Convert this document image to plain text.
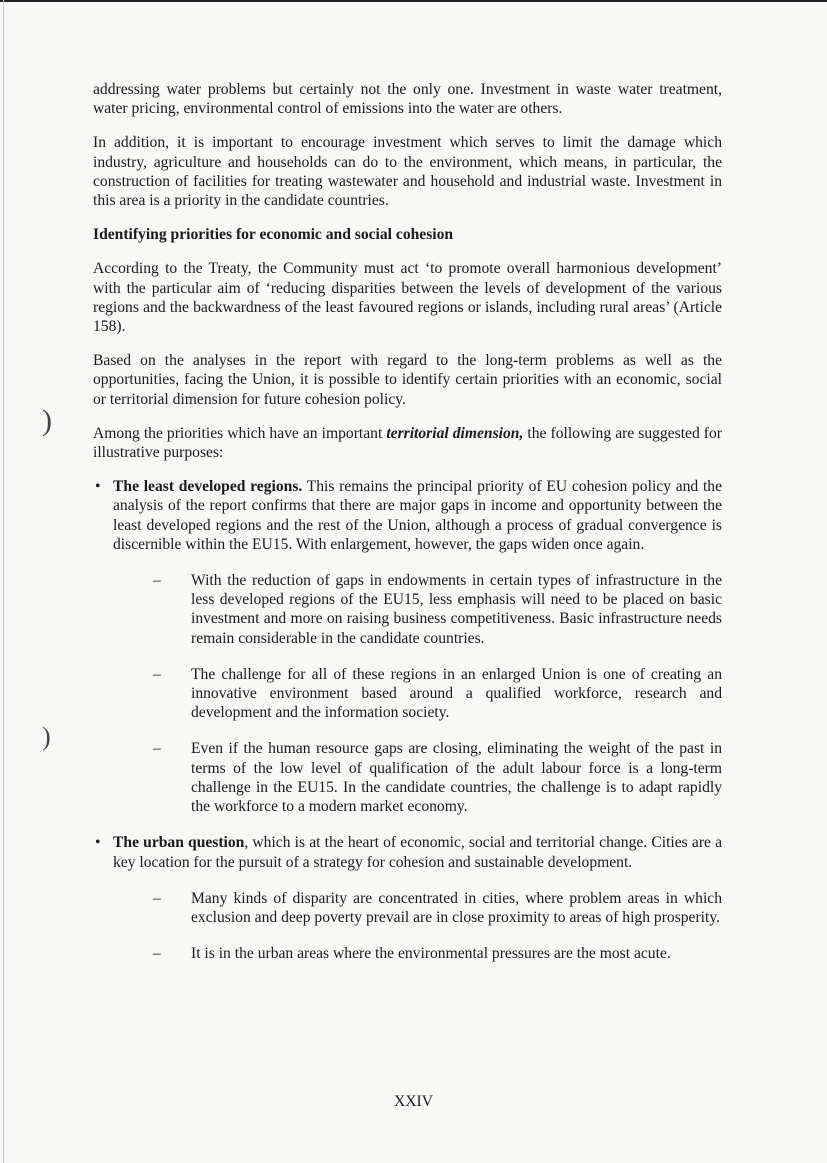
)
)

addressing water problems but certainly not the only one. Investment in waste water treatment, water pricing, environmental control of emissions into the water are others.

In addition, it is important to encourage investment which serves to limit the damage which industry, agriculture and households can do to the environment, which means, in particular, the construction of facilities for treating wastewater and household and industrial waste. Investment in this area is a priority in the candidate countries.

Identifying priorities for economic and social cohesion

According to the Treaty, the Community must act ‘to promote overall harmonious development’ with the particular aim of ‘reducing disparities between the levels of development of the various regions and the backwardness of the least favoured regions or islands, including rural areas’ (Article 158).

Based on the analyses in the report with regard to the long-term problems as well as the opportunities, facing the Union, it is possible to identify certain priorities with an economic, social or territorial dimension for future cohesion policy.

Among the priorities which have an important territorial dimension, the following are suggested for illustrative purposes:

• The least developed regions. This remains the principal priority of EU cohesion policy and the analysis of the report confirms that there are major gaps in income and opportunity between the least developed regions and the rest of the Union, although a process of gradual convergence is discernible within the EU15. With enlargement, however, the gaps widen once again.

– With the reduction of gaps in endowments in certain types of infrastructure in the less developed regions of the EU15, less emphasis will need to be placed on basic investment and more on raising business competitiveness. Basic infrastructure needs remain considerable in the candidate countries.

– The challenge for all of these regions in an enlarged Union is one of creating an innovative environment based around a qualified workforce, research and development and the information society.

– Even if the human resource gaps are closing, eliminating the weight of the past in terms of the low level of qualification of the adult labour force is a long-term challenge in the EU15. In the candidate countries, the challenge is to adapt rapidly the workforce to a modern market economy.

• The urban question, which is at the heart of economic, social and territorial change. Cities are a key location for the pursuit of a strategy for cohesion and sustainable development.

– Many kinds of disparity are concentrated in cities, where problem areas in which exclusion and deep poverty prevail are in close proximity to areas of high prosperity.

– It is in the urban areas where the environmental pressures are the most acute.

XXIV
